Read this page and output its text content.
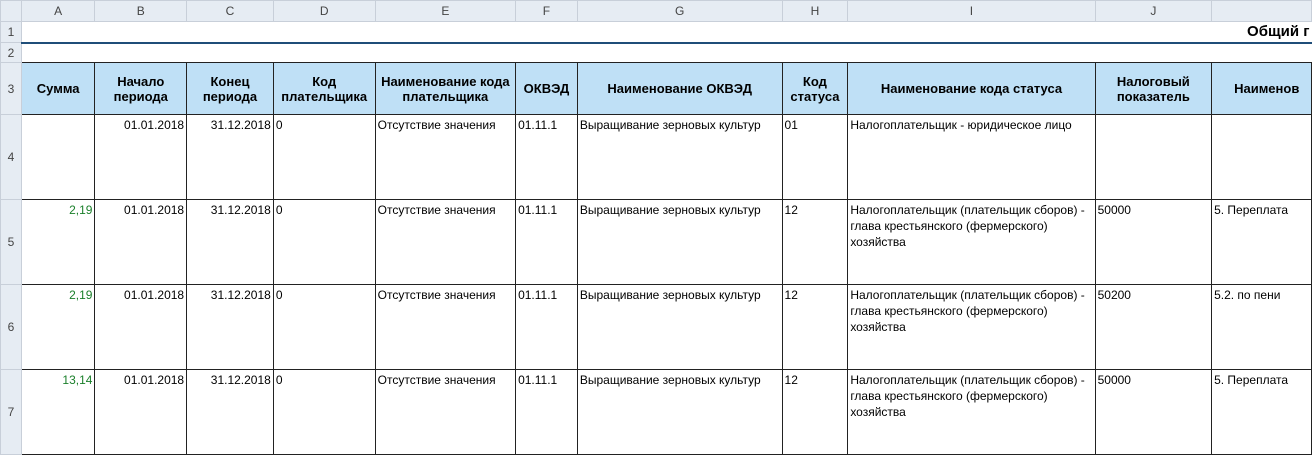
	A	B	C	D	E	F	G	H	I	J	
1	Общий г										
2											
3	Сумма	Начало периода	Конец периода	Код плательщика	Наименование кода плательщика	ОКВЭД	Наименование ОКВЭД	Код статуса	Наименование кода статуса	Налоговый показатель	Наименов
4		01.01.2018	31.12.2018	0	Отсутствие значения	01.11.1	Выращивание зерновых культур	01	Налогоплательщик - юридическое лицо		
5	2,19	01.01.2018	31.12.2018	0	Отсутствие значения	01.11.1	Выращивание зерновых культур	12	Налогоплательщик (плательщик сборов) - глава крестьянского (фермерского) хозяйства	50000	5. Переплата
6	2,19	01.01.2018	31.12.2018	0	Отсутствие значения	01.11.1	Выращивание зерновых культур	12	Налогоплательщик (плательщик сборов) - глава крестьянского (фермерского) хозяйства	50200	5.2. по пени
7	13,14	01.01.2018	31.12.2018	0	Отсутствие значения	01.11.1	Выращивание зерновых культур	12	Налогоплательщик (плательщик сборов) - глава крестьянского (фермерского) хозяйства	50000	5. Переплата
